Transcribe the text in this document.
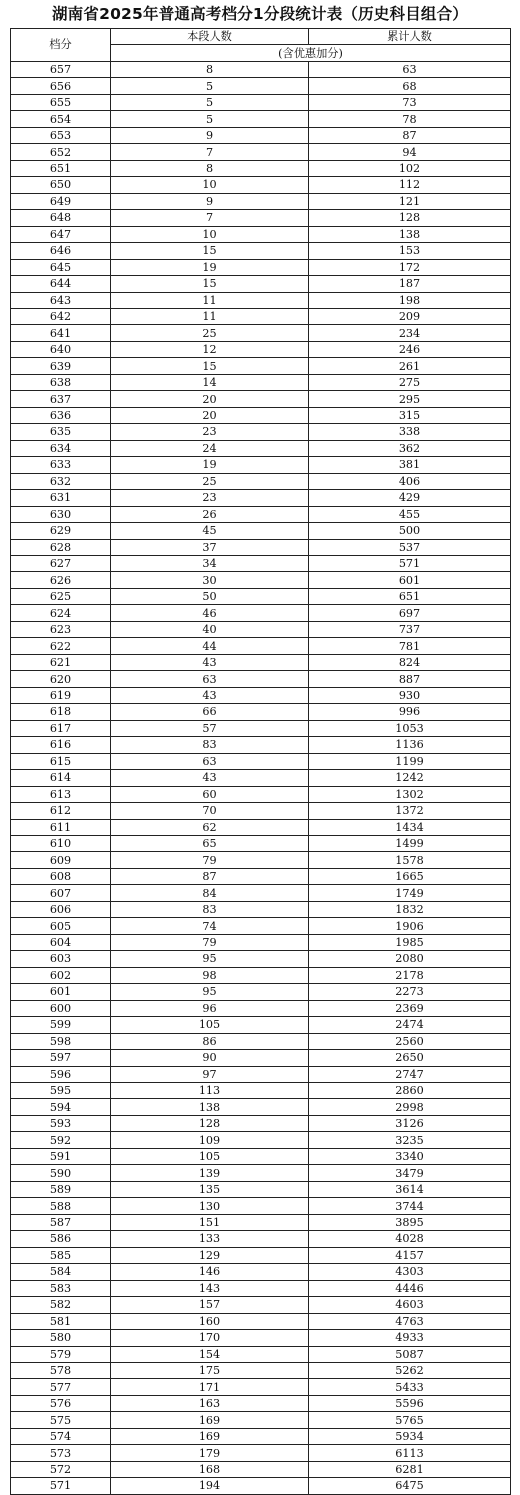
湖南省2025年普通高考档分1分段统计表（历史科目组合）
档分	本段人数	累计人数
	(含优惠加分)	
657	8	63
656	5	68
655	5	73
654	5	78
653	9	87
652	7	94
651	8	102
650	10	112
649	9	121
648	7	128
647	10	138
646	15	153
645	19	172
644	15	187
643	11	198
642	11	209
641	25	234
640	12	246
639	15	261
638	14	275
637	20	295
636	20	315
635	23	338
634	24	362
633	19	381
632	25	406
631	23	429
630	26	455
629	45	500
628	37	537
627	34	571
626	30	601
625	50	651
624	46	697
623	40	737
622	44	781
621	43	824
620	63	887
619	43	930
618	66	996
617	57	1053
616	83	1136
615	63	1199
614	43	1242
613	60	1302
612	70	1372
611	62	1434
610	65	1499
609	79	1578
608	87	1665
607	84	1749
606	83	1832
605	74	1906
604	79	1985
603	95	2080
602	98	2178
601	95	2273
600	96	2369
599	105	2474
598	86	2560
597	90	2650
596	97	2747
595	113	2860
594	138	2998
593	128	3126
592	109	3235
591	105	3340
590	139	3479
589	135	3614
588	130	3744
587	151	3895
586	133	4028
585	129	4157
584	146	4303
583	143	4446
582	157	4603
581	160	4763
580	170	4933
579	154	5087
578	175	5262
577	171	5433
576	163	5596
575	169	5765
574	169	5934
573	179	6113
572	168	6281
571	194	6475
